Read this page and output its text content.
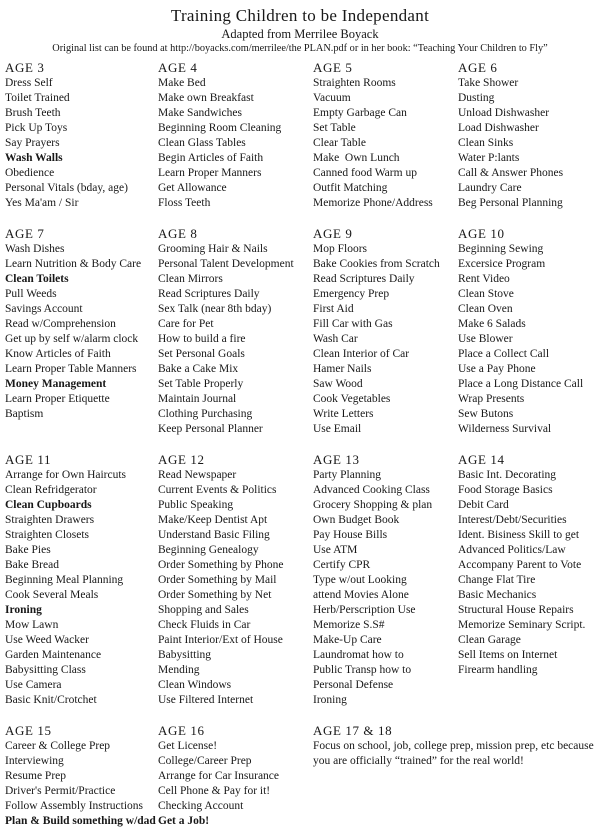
Training Children to be Independant
Adapted from Merrilee Boyack
Original list can be found at http://boyacks.com/merrilee/the PLAN.pdf or in her book: “Teaching Your Children to Fly”
AGE 3
Dress Self
Toilet Trained
Brush Teeth
Pick Up Toys
Say Prayers
Wash Walls
Obedience
Personal Vitals (bday, age)
Yes Ma'am / Sir
AGE 4
Make Bed
Make own Breakfast
Make Sandwiches
Beginning Room Cleaning
Clean Glass Tables
Begin Articles of Faith
Learn Proper Manners
Get Allowance
Floss Teeth
AGE 5
Straighten Rooms
Vacuum
Empty Garbage Can
Set Table
Clear Table
Make  Own Lunch
Canned food Warm up
Outfit Matching
Memorize Phone/Address
AGE 6
Take Shower
Dusting
Unload Dishwasher
Load Dishwasher
Clean Sinks
Water P:lants
Call & Answer Phones
Laundry Care
Beg Personal Planning
AGE 7
Wash Dishes
Learn Nutrition & Body Care
Clean Toilets
Pull Weeds
Savings Account
Read w/Comprehension
Get up by self w/alarm clock
Know Articles of Faith
Learn Proper Table Manners
Money Management
Learn Proper Etiquette
Baptism
AGE 8
Grooming Hair & Nails
Personal Talent Development
Clean Mirrors
Read Scriptures Daily
Sex Talk (near 8th bday)
Care for Pet
How to build a fire
Set Personal Goals
Bake a Cake Mix
Set Table Properly
Maintain Journal
Clothing Purchasing
Keep Personal Planner
AGE 9
Mop Floors
Bake Cookies from Scratch
Read Scriptures Daily
Emergency Prep
First Aid
Fill Car with Gas
Wash Car
Clean Interior of Car
Hamer Nails
Saw Wood
Cook Vegetables
Write Letters
Use Email
AGE 10
Beginning Sewing
Excersice Program
Rent Video
Clean Stove
Clean Oven
Make 6 Salads
Use Blower
Place a Collect Call
Use a Pay Phone
Place a Long Distance Call
Wrap Presents
Sew Butons
Wilderness Survival
AGE 11
Arrange for Own Haircuts
Clean Refridgerator
Clean Cupboards
Straighten Drawers
Straighten Closets
Bake Pies
Bake Bread
Beginning Meal Planning
Cook Several Meals
Ironing
Mow Lawn
Use Weed Wacker
Garden Maintenance
Babysitting Class
Use Camera
Basic Knit/Crotchet
AGE 12
Read Newspaper
Current Events & Politics
Public Speaking
Make/Keep Dentist Apt
Understand Basic Filing
Beginning Genealogy
Order Something by Phone
Order Something by Mail
Order Something by Net
Shopping and Sales
Check Fluids in Car
Paint Interior/Ext of House
Babysitting
Mending
Clean Windows
Use Filtered Internet
AGE 13
Party Planning
Advanced Cooking Class
Grocery Shopping & plan
Own Budget Book
Pay House Bills
Use ATM
Certify CPR
Type w/out Looking
attend Movies Alone
Herb/Perscription Use
Memorize S.S#
Make-Up Care
Laundromat how to
Public Transp how to
Personal Defense
Ironing
AGE 14
Basic Int. Decorating
Food Storage Basics
Debit Card
Interest/Debt/Securities
Ident. Bisiness Skill to get
Advanced Politics/Law
Accompany Parent to Vote
Change Flat Tire
Basic Mechanics
Structural House Repairs
Memorize Seminary Script.
Clean Garage
Sell Items on Internet
Firearm handling
AGE 15
Career & College Prep
Interviewing
Resume Prep
Driver's Permit/Practice
Follow Assembly Instructions
Plan & Build something w/dad
AGE 16
Get License!
College/Career Prep
Arrange for Car Insurance
Cell Phone & Pay for it!
Checking Account
Get a Job!
AGE 17 & 18
Focus on school, job, college prep, mission prep, etc because you are officially “trained” for the real world!
